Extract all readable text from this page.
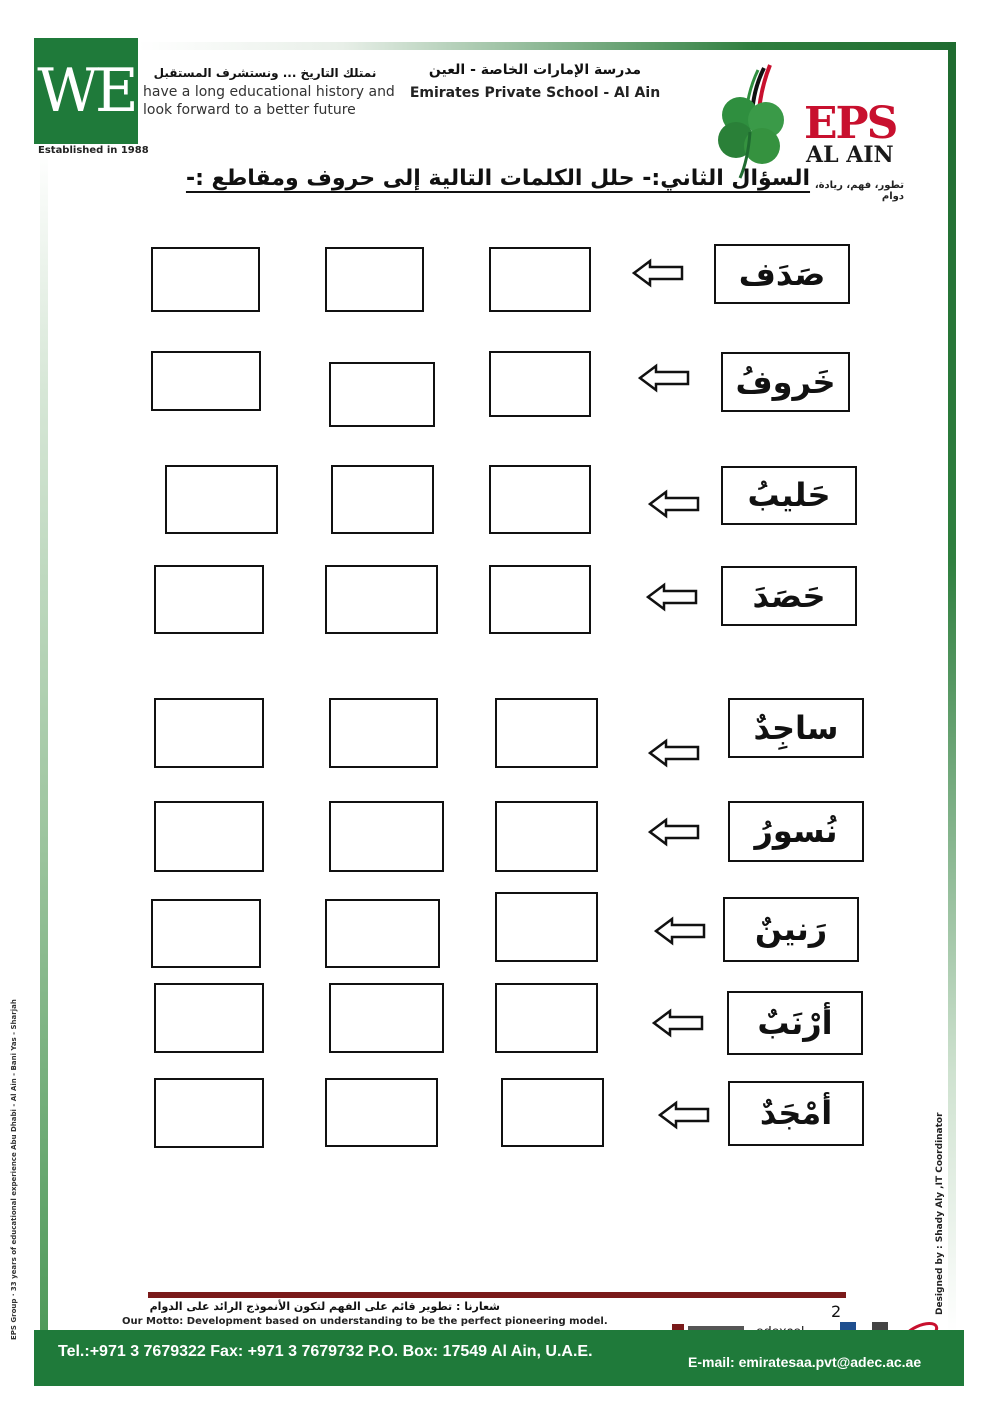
WE
Established in 1988
نمتلك التاريخ ... ونستشرف المستقبل
have a long educational history and
look forward to a better future
مدرسة الإمارات الخاصة - العين
Emirates Private School - Al Ain
EPS
AL AIN
تطور، فهم، ريادة، دوام
السؤال الثاني:- حلل الكلمات التالية إلى حروف ومقاطع :-
صَدَف
خَروفُ
حَليبُ
حَصَدَ
ساجِدٌ
نُسورُ
رَنينٌ
أرْنَبٌ
أمْجَدٌ
EPS Group · 33 years of educational experience Abu Dhabi - Al Ain - Bani Yas - Sharjah	Designed by : Shady Aly ,IT Coordinator
2
شعارنا : تطوير قائم على الفهم لتكون الأنموذج الرائد على الدوام
Our Motto: Development based on understanding to be the perfect pioneering model.
Tel.:+971 3 7679322 Fax: +971 3 7679732 P.O. Box: 17549 Al Ain, U.A.E.
E-mail: emiratesaa.pvt@adec.ac.ae
